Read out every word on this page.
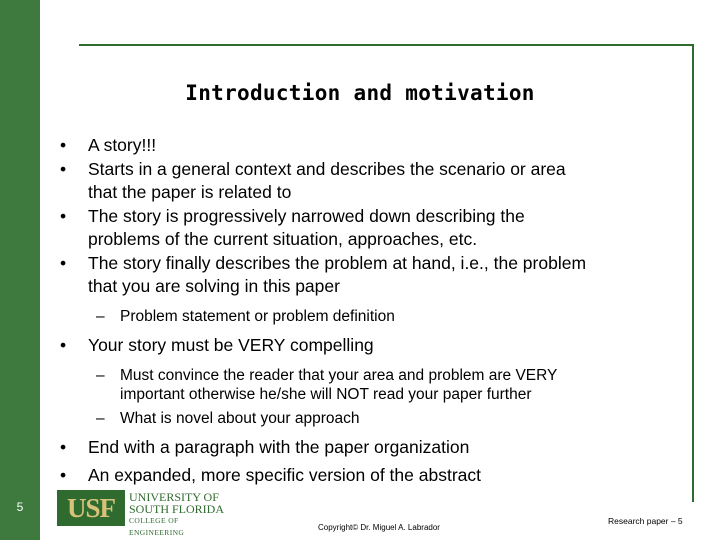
5
Introduction and motivation
• A story!!!
• Starts in a general context and describes the scenario or area
that the paper is related to
• The story is progressively narrowed down describing the
problems of the current situation, approaches, etc.
• The story finally describes the problem at hand, i.e., the problem
that you are solving in this paper
– Problem statement or problem definition
• Your story must be VERY compelling
– Must convince the reader that your area and problem are VERY
important otherwise he/she will NOT read your paper further
– What is novel about your approach
• End with a paragraph with the paper organization
• An expanded, more specific version of the abstract
USF	UNIVERSITY OF
SOUTH FLORIDA
COLLEGE OF ENGINEERING
Copyright© Dr. Miguel A. Labrador
Research paper – 5
